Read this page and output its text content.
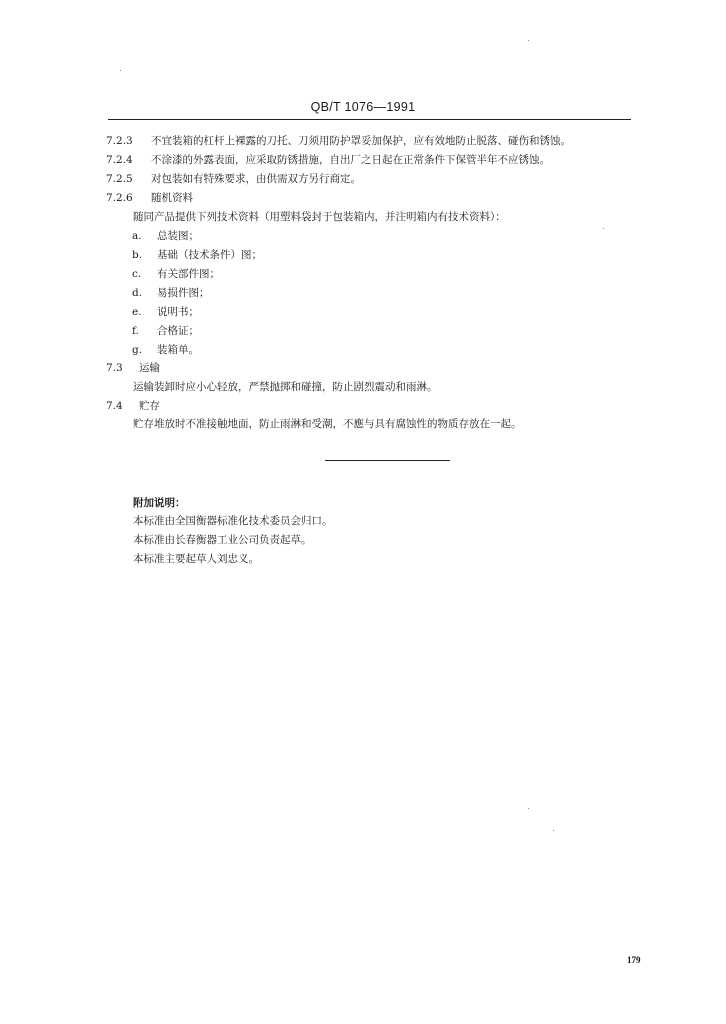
QB/T 1076—1991
7.2.3 不宜装箱的杠杆上裸露的刀托、刀须用防护罩妥加保护，应有效地防止脱落、碰伤和锈蚀。
7.2.4 不涂漆的外露表面，应采取防锈措施，自出厂之日起在正常条件下保管半年不应锈蚀。
7.2.5 对包装如有特殊要求，由供需双方另行商定。
7.2.6 随机资料
随同产品提供下列技术资料（用塑料袋封于包装箱内，并注明箱内有技术资料）：
a. 总装图；
b. 基础（技术条件）图；
c. 有关部件图；
d. 易损件图；
e. 说明书；
f. 合格证；
g. 装箱单。
7.3 运输
运输装卸时应小心轻放，严禁抛掷和碰撞，防止剧烈震动和雨淋。
7.4 贮存
贮存堆放时不准接触地面，防止雨淋和受潮，不應与具有腐蚀性的物质存放在一起。
附加说明：
本标准由全国衡器标准化技术委员会归口。
本标准由长春衡器工业公司负责起草。
本标准主要起草人刘忠义。
179
